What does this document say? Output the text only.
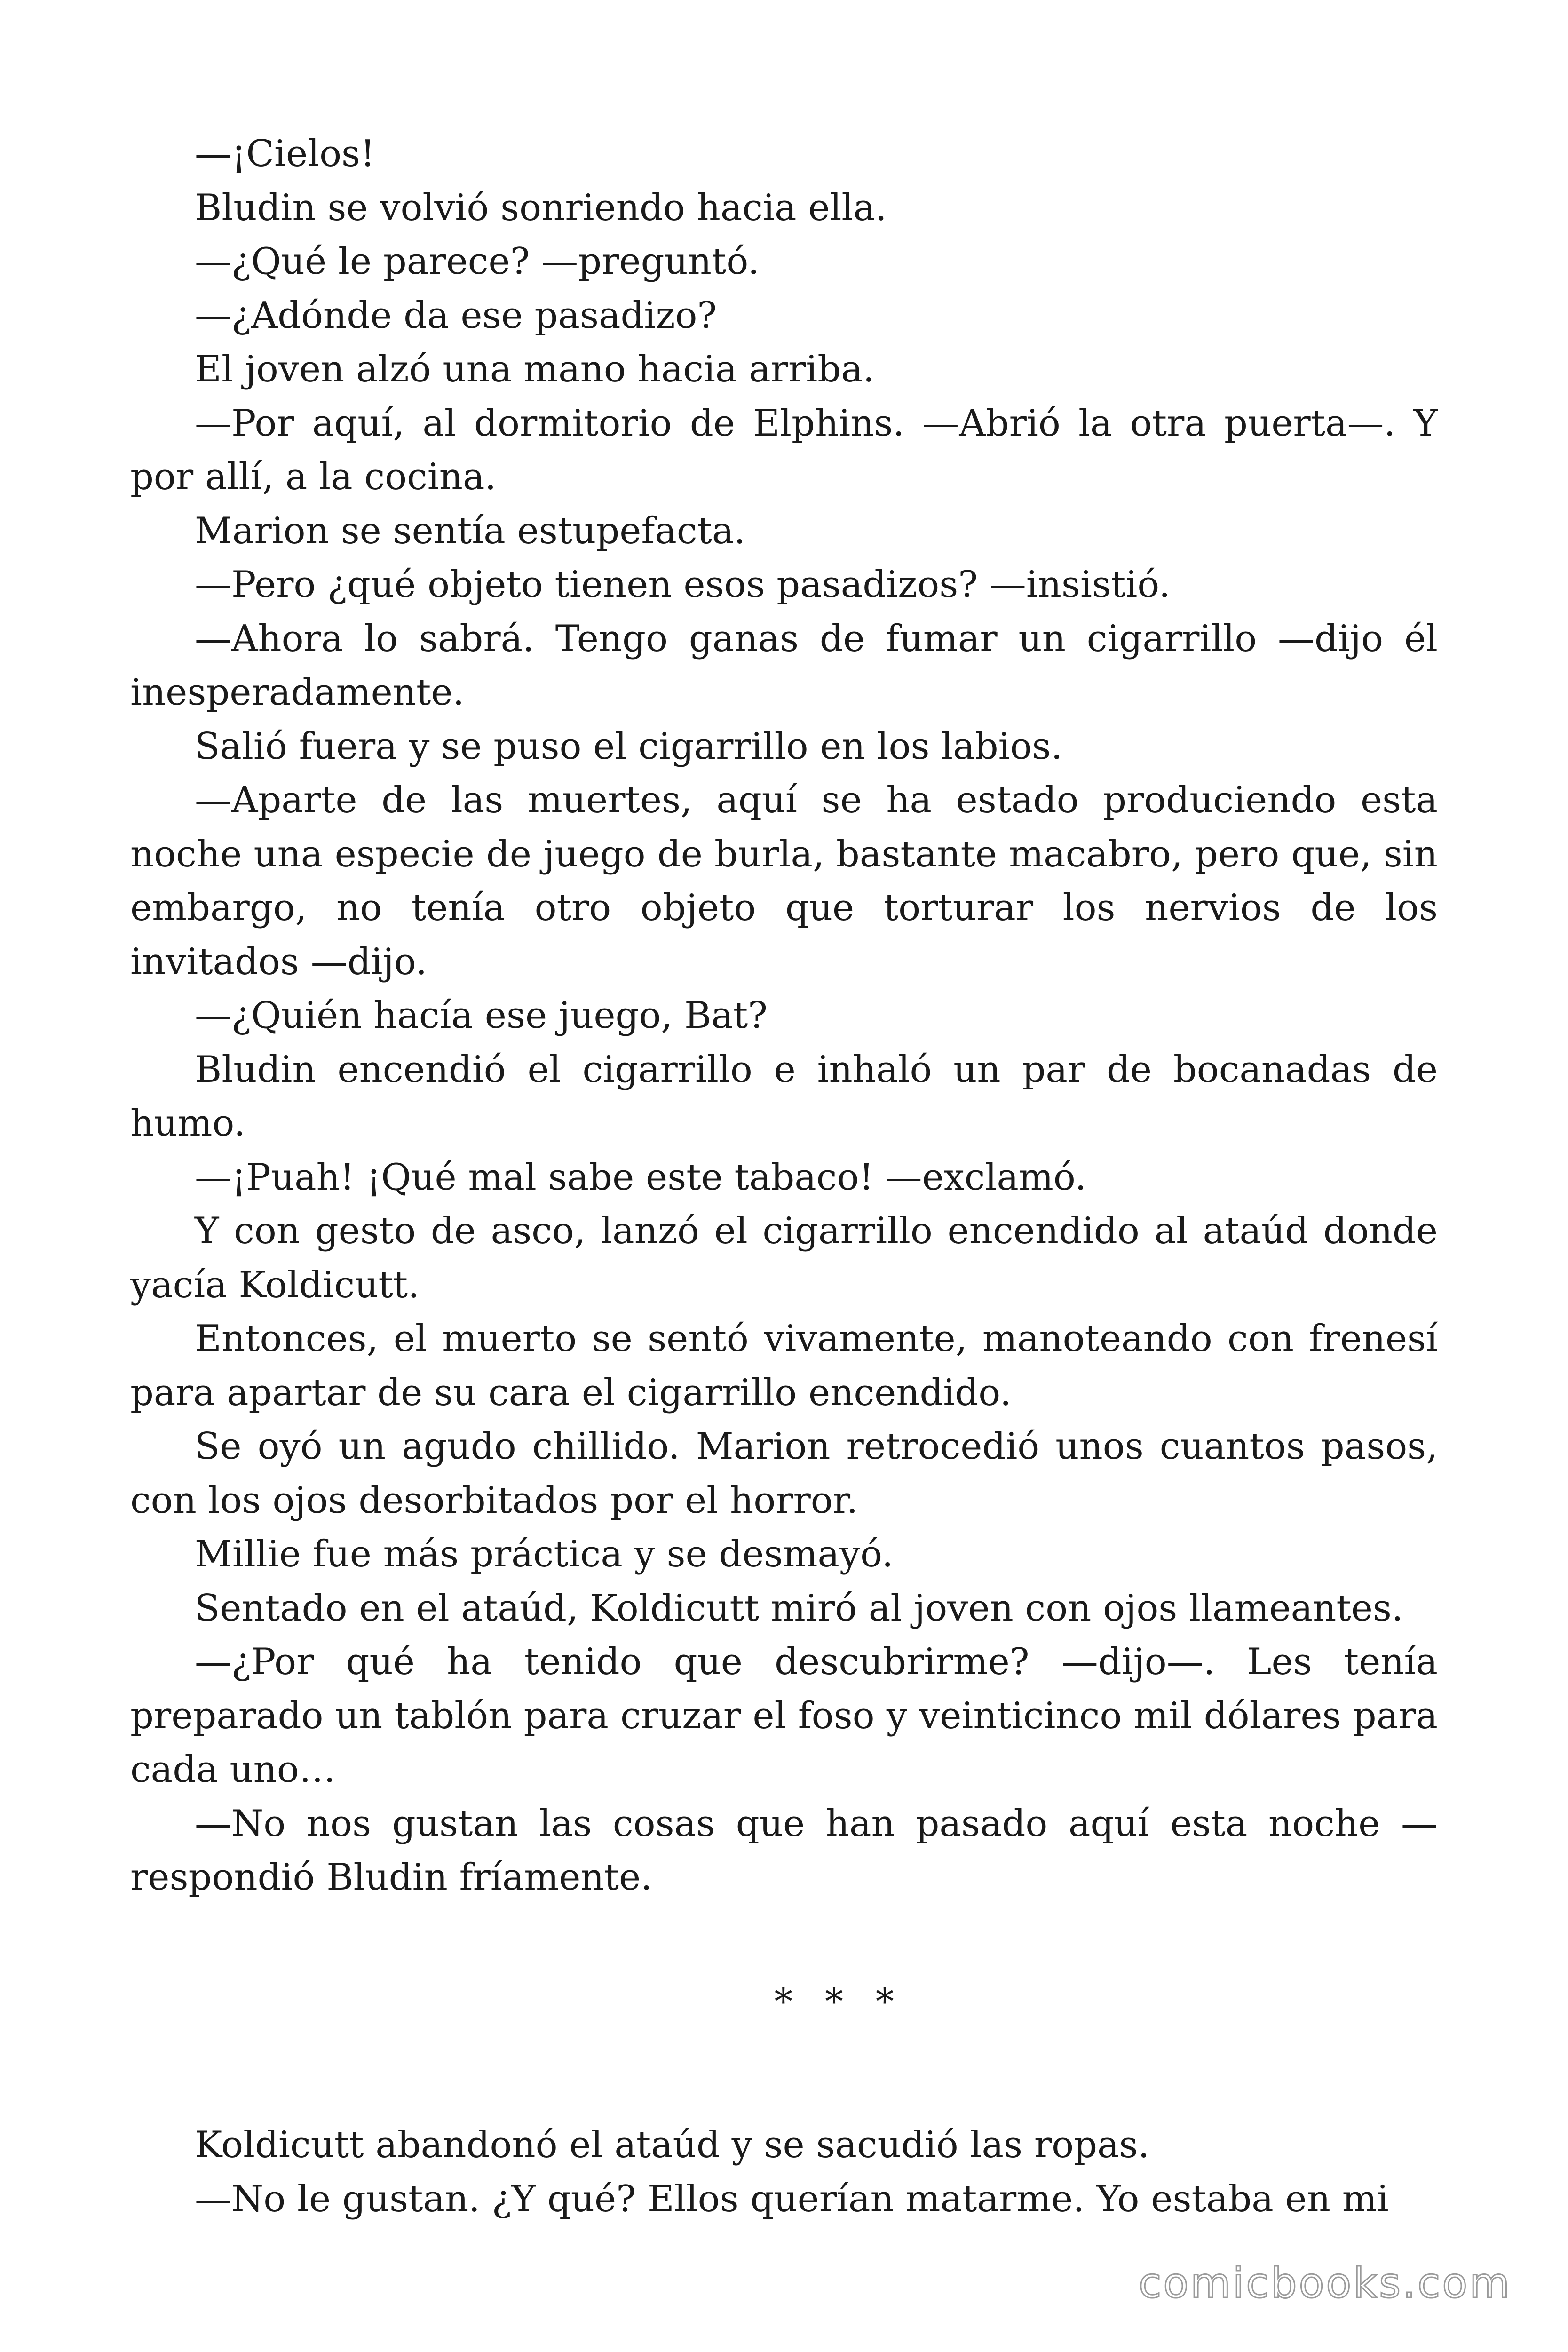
—¡Cielos!

Bludin se volvió sonriendo hacia ella.

—¿Qué le parece? —preguntó.

—¿Adónde da ese pasadizo?

El joven alzó una mano hacia arriba.

—Por aquí, al dormitorio de Elphins. —Abrió la otra puerta—. Y por allí, a la cocina.

Marion se sentía estupefacta.

—Pero ¿qué objeto tienen esos pasadizos? —insistió.

—Ahora lo sabrá. Tengo ganas de fumar un cigarrillo —dijo él inesperadamente.

Salió fuera y se puso el cigarrillo en los labios.

—Aparte de las muertes, aquí se ha estado produciendo esta noche una especie de juego de burla, bastante macabro, pero que, sin embargo, no tenía otro objeto que torturar los nervios de los invitados —dijo.

—¿Quién hacía ese juego, Bat?

Bludin encendió el cigarrillo e inhaló un par de bocanadas de humo.

—¡Puah! ¡Qué mal sabe este tabaco! —exclamó.

Y con gesto de asco, lanzó el cigarrillo encendido al ataúd donde yacía Koldicutt.

Entonces, el muerto se sentó vivamente, manoteando con frenesí para apartar de su cara el cigarrillo encendido.

Se oyó un agudo chillido. Marion retrocedió unos cuantos pasos, con los ojos desorbitados por el horror.

Millie fue más práctica y se desmayó.

Sentado en el ataúd, Koldicutt miró al joven con ojos llameantes.

—¿Por qué ha tenido que descubrirme? —dijo—. Les tenía preparado un tablón para cruzar el foso y veinticinco mil dólares para cada uno…

—No nos gustan las cosas que han pasado aquí esta noche —respondió Bludin fríamente.

* * *

Koldicutt abandonó el ataúd y se sacudió las ropas.

—No le gustan. ¿Y qué? Ellos querían matarme. Yo estaba en mi

comicbooks.com
